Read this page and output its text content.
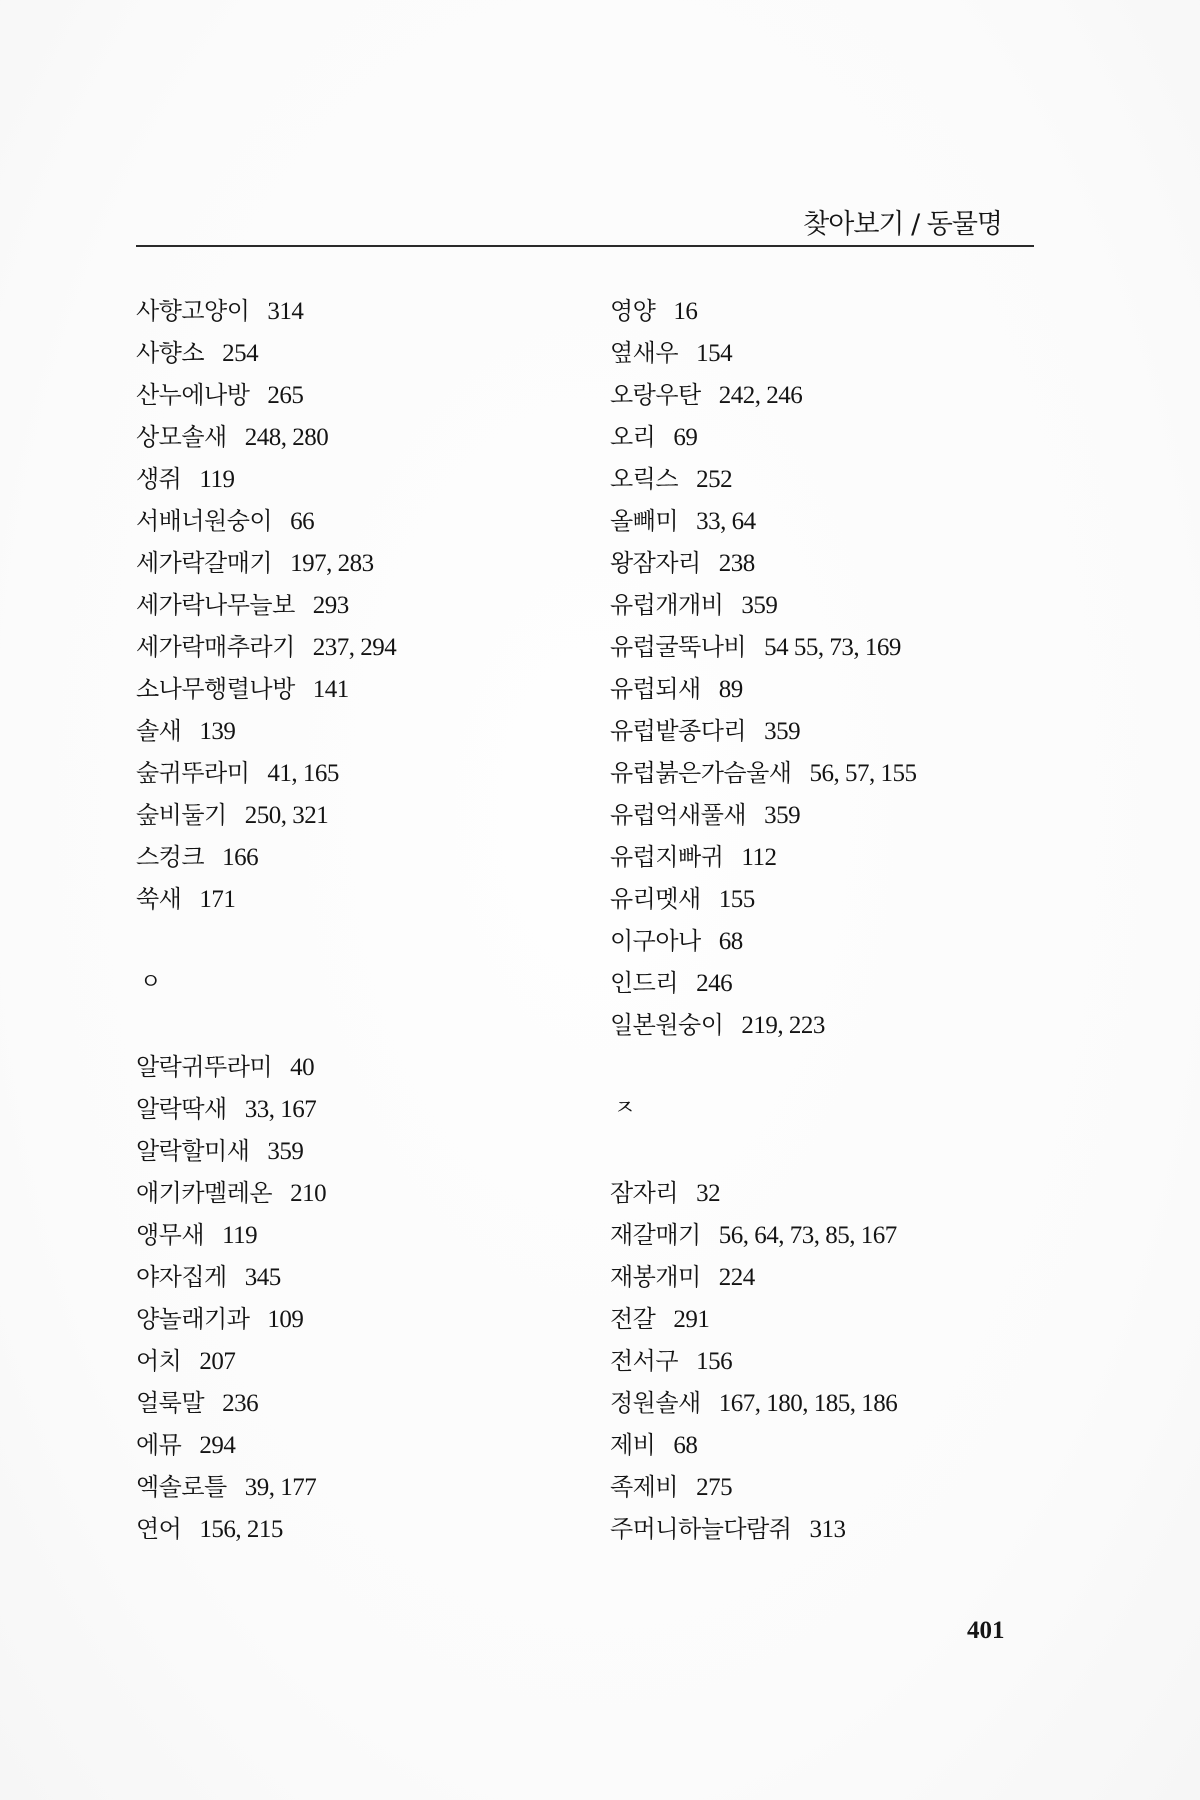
찾아보기 / 동물명
사향고양이 314
사향소 254
산누에나방 265
상모솔새 248, 280
생쥐 119
서배너원숭이 66
세가락갈매기 197, 283
세가락나무늘보 293
세가락매추라기 237, 294
소나무행렬나방 141
솔새 139
숲귀뚜라미 41, 165
숲비둘기 250, 321
스컹크 166
쑥새 171
ㅇ
알락귀뚜라미 40
알락딱새 33, 167
알락할미새 359
애기카멜레온 210
앵무새 119
야자집게 345
양놀래기과 109
어치 207
얼룩말 236
에뮤 294
엑솔로틀 39, 177
연어 156, 215
영양 16
옆새우 154
오랑우탄 242, 246
오리 69
오릭스 252
올빼미 33, 64
왕잠자리 238
유럽개개비 359
유럽굴뚝나비 54 55, 73, 169
유럽되새 89
유럽밭종다리 359
유럽붉은가슴울새 56, 57, 155
유럽억새풀새 359
유럽지빠귀 112
유리멧새 155
이구아나 68
인드리 246
일본원숭이 219, 223
ㅈ
잠자리 32
재갈매기 56, 64, 73, 85, 167
재봉개미 224
전갈 291
전서구 156
정원솔새 167, 180, 185, 186
제비 68
족제비 275
주머니하늘다람쥐 313
401
